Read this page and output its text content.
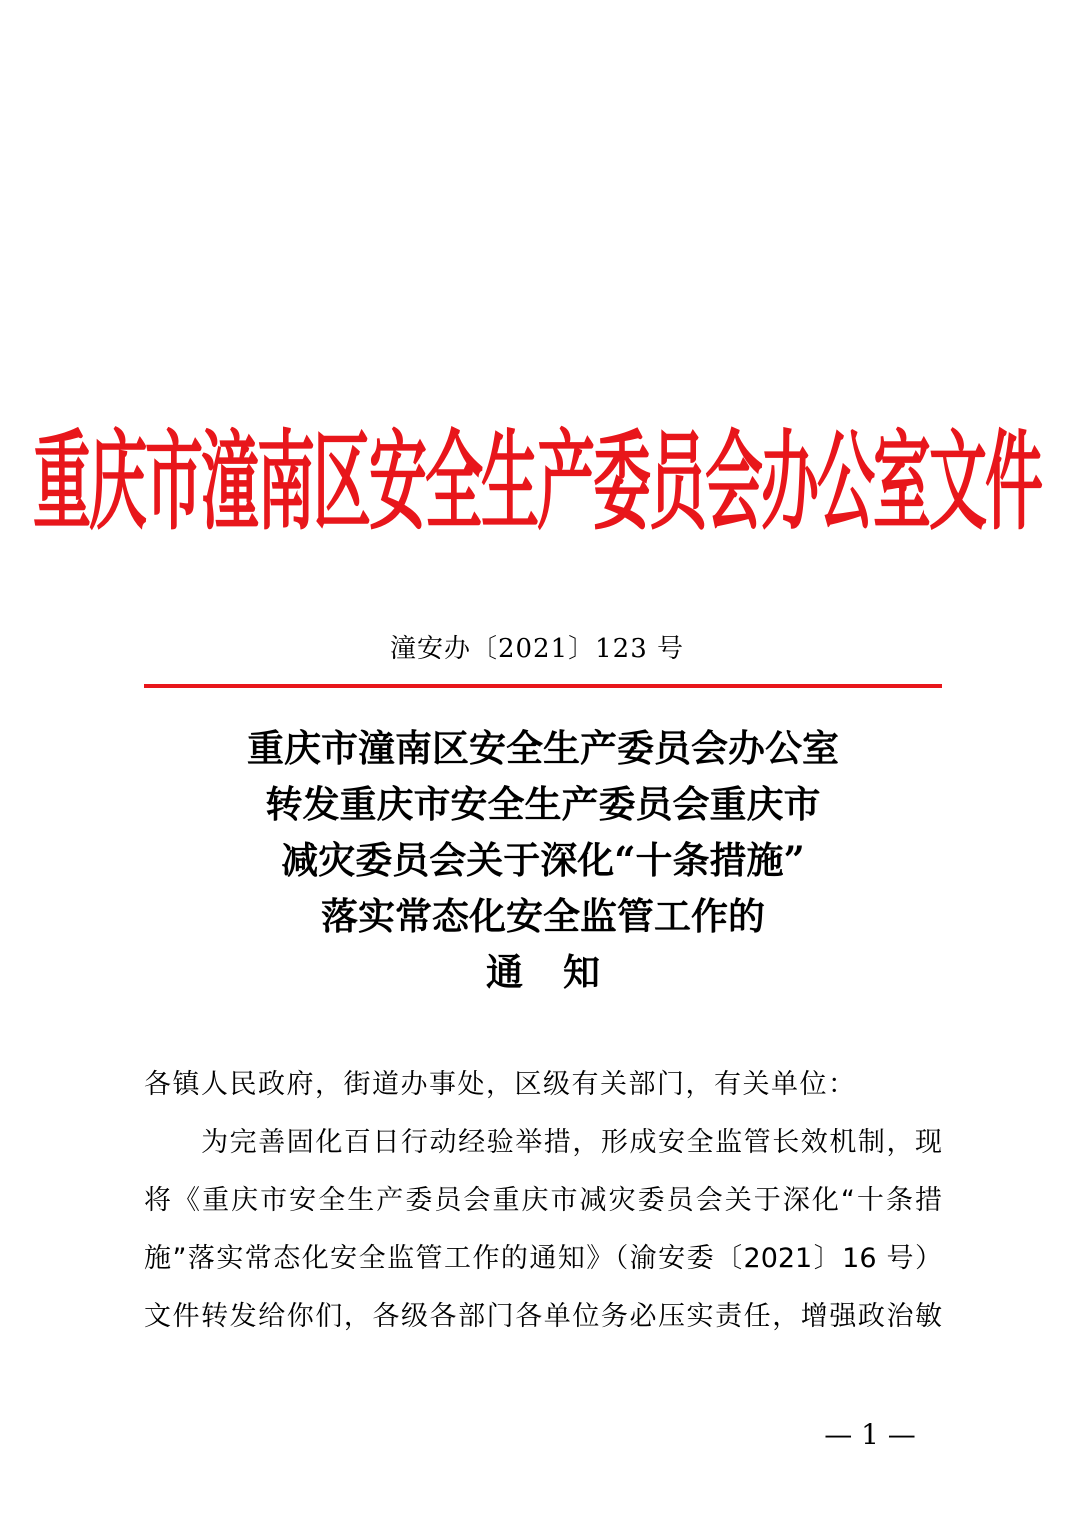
重庆市潼南区安全生产委员会办公室文件
潼安办〔2021〕123 号
重庆市潼南区安全生产委员会办公室
转发重庆市安全生产委员会重庆市
减灾委员会关于深化“十条措施”
落实常态化安全监管工作的
通知
各镇人民政府，街道办事处，区级有关部门，有关单位：
　　为完善固化百日行动经验举措，形成安全监管长效机制，现
将《重庆市安全生产委员会重庆市减灾委员会关于深化“十条措
施”落实常态化安全监管工作的通知》（渝安委〔2021〕16 号）
文件转发给你们，各级各部门各单位务必压实责任，增强政治敏
— 1 —
